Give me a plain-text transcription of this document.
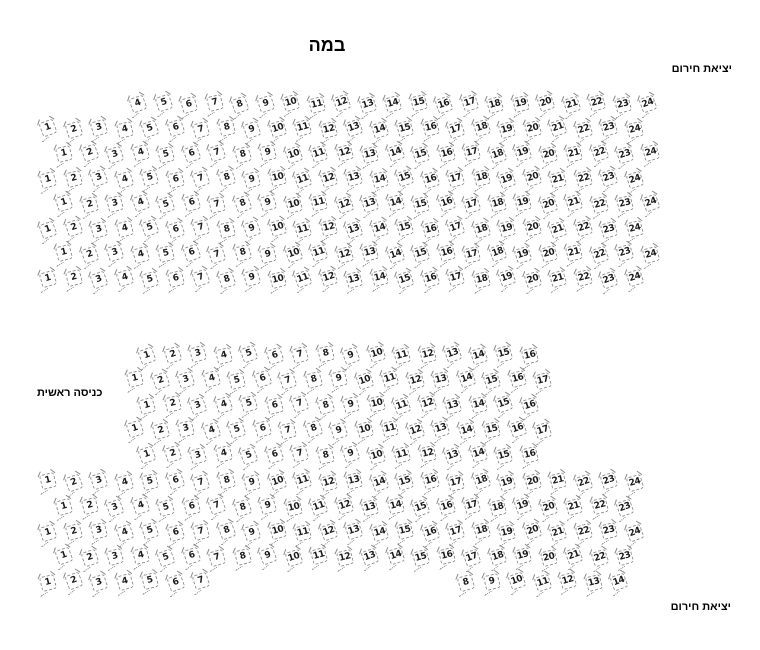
במה
יציאת חירום
כניסה ראשית
יציאת חירום
4 5 6 7 8 9 10 11 12 13 14 15 16 17 18 19 20 21 22 23 24
1 2 3 4 5 6 7 8 9 10 11 12 13 14 15 16 17 18 19 20 21 22 23 24
1 2 3 4 5 6 7 8 9 10 11 12 13 14 15 16 17 18 19 20 21 22 23 24
1 2 3 4 5 6 7 8 9 10 11 12 13 14 15 16 17 18 19 20 21 22 23 24
1 2 3 4 5 6 7 8 9 10 11 12 13 14 15 16 17 18 19 20 21 22 23 24
1 2 3 4 5 6 7 8 9 10 11 12 13 14 15 16 17 18 19 20 21 22 23 24
1 2 3 4 5 6 7 8 9 10 11 12 13 14 15 16 17 18 19 20 21 22 23 24
1 2 3 4 5 6 7 8 9 10 11 12 13 14 15 16 17 18 19 20 21 22 23 24
1 2 3 4 5 6 7 8 9 10 11 12 13 14 15 16
1 2 3 4 5 6 7 8 9 10 11 12 13 14 15 16 17
1 2 3 4 5 6 7 8 9 10 11 12 13 14 15 16
1 2 3 4 5 6 7 8 9 10 11 12 13 14 15 16 17
1 2 3 4 5 6 7 8 9 10 11 12 13 14 15 16
1 2 3 4 5 6 7 8 9 10 11 12 13 14 15 16 17 18 19 20 21 22 23 24
1 2 3 4 5 6 7 8 9 10 11 12 13 14 15 16 17 18 19 20 21 22 23
1 2 3 4 5 6 7 8 9 10 11 12 13 14 15 16 17 18 19 20 21 22 23 24
1 2 3 4 5 6 7 8 9 10 11 12 13 14 15 16 17 18 19 20 21 22 23
1 2 3 4 5 6 7	8 9 10 11 12 13 14
